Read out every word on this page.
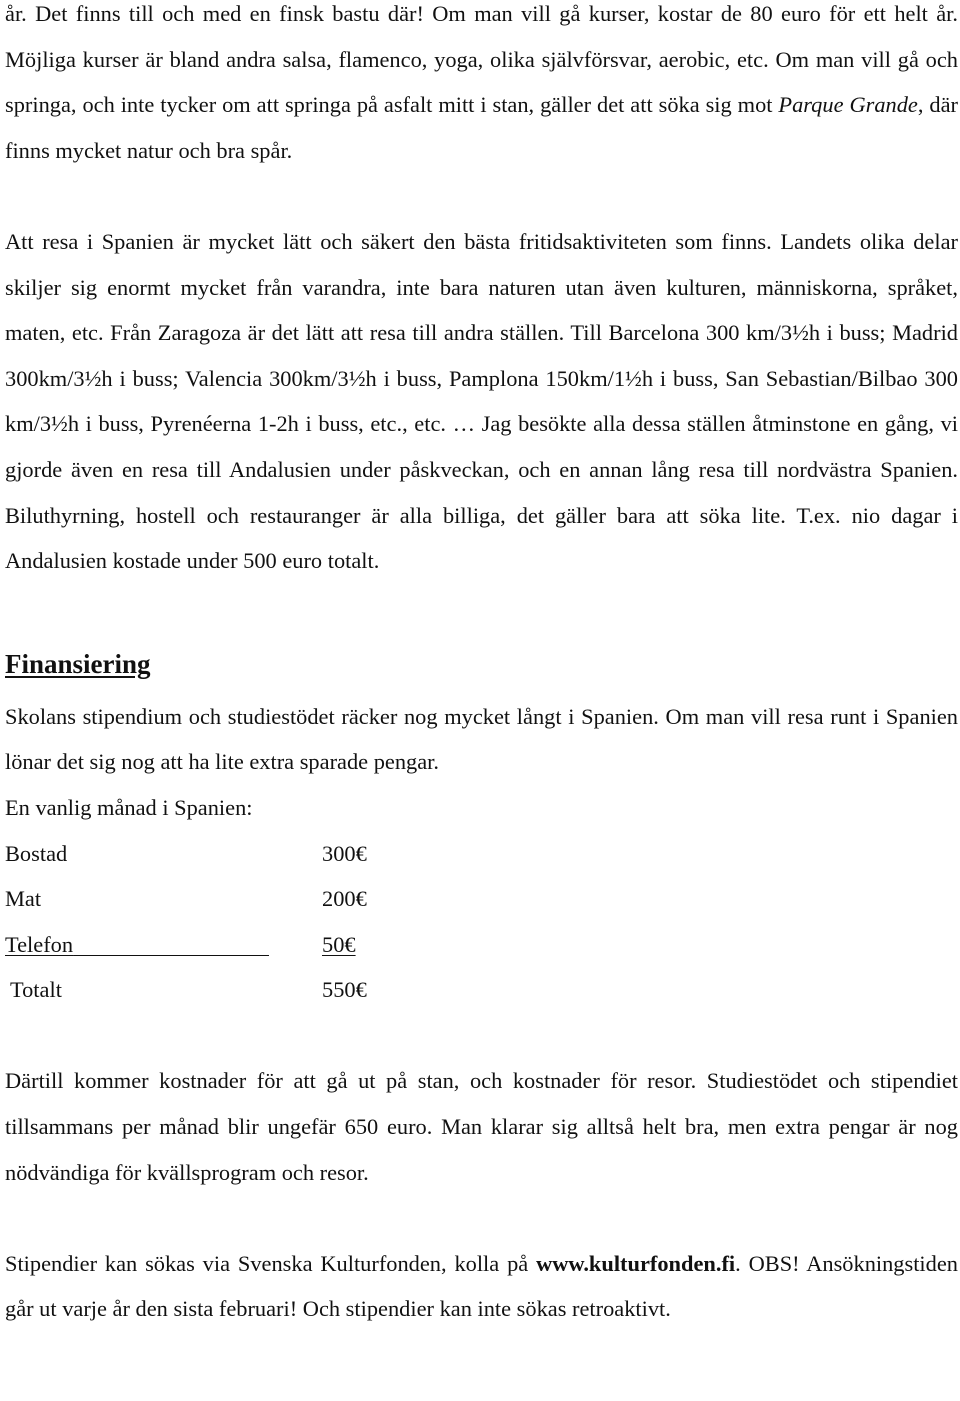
år. Det finns till och med en finsk bastu där! Om man vill gå kurser, kostar de 80 euro för ett helt år. Möjliga kurser är bland andra salsa, flamenco, yoga, olika självförsvar, aerobic, etc. Om man vill gå och springa, och inte tycker om att springa på asfalt mitt i stan, gäller det att söka sig mot Parque Grande, där finns mycket natur och bra spår.

Att resa i Spanien är mycket lätt och säkert den bästa fritidsaktiviteten som finns. Landets olika delar skiljer sig enormt mycket från varandra, inte bara naturen utan även kulturen, människorna, språket, maten, etc. Från Zaragoza är det lätt att resa till andra ställen. Till Barcelona 300 km/3½h i buss; Madrid 300km/3½h i buss; Valencia 300km/3½h i buss, Pamplona 150km/1½h i buss, San Sebastian/Bilbao 300 km/3½h i buss, Pyrenéerna 1-2h i buss, etc., etc. … Jag besökte alla dessa ställen åtminstone en gång, vi gjorde även en resa till Andalusien under påskveckan, och en annan lång resa till nordvästra Spanien. Biluthyrning, hostell och restauranger är alla billiga, det gäller bara att söka lite. T.ex. nio dagar i Andalusien kostade under 500 euro totalt.

Finansiering

Skolans stipendium och studiestödet räcker nog mycket långt i Spanien. Om man vill resa runt i Spanien lönar det sig nog att ha lite extra sparade pengar.

En vanlig månad i Spanien:

Bostad	300€
Mat	200€
Telefon	50€
Totalt	550€

Därtill kommer kostnader för att gå ut på stan, och kostnader för resor. Studiestödet och stipendiet tillsammans per månad blir ungefär 650 euro. Man klarar sig alltså helt bra, men extra pengar är nog nödvändiga för kvällsprogram och resor.

Stipendier kan sökas via Svenska Kulturfonden, kolla på www.kulturfonden.fi. OBS! Ansökningstiden går ut varje år den sista februari! Och stipendier kan inte sökas retroaktivt.
